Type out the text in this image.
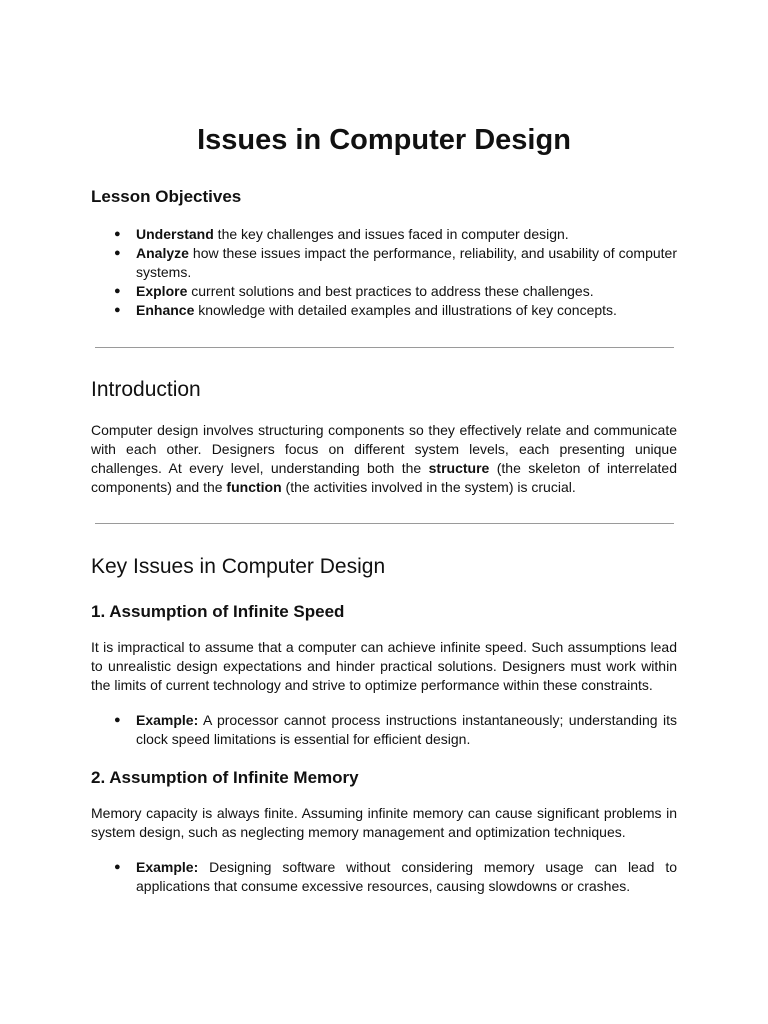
Issues in Computer Design
Lesson Objectives
● Understand the key challenges and issues faced in computer design.
● Analyze how these issues impact the performance, reliability, and usability of computer systems.
● Explore current solutions and best practices to address these challenges.
● Enhance knowledge with detailed examples and illustrations of key concepts.
Introduction

Computer design involves structuring components so they effectively relate and communicate with each other. Designers focus on different system levels, each presenting unique challenges. At every level, understanding both the structure (the skeleton of interrelated components) and the function (the activities involved in the system) is crucial.

Key Issues in Computer Design
1. Assumption of Infinite Speed

It is impractical to assume that a computer can achieve infinite speed. Such assumptions lead to unrealistic design expectations and hinder practical solutions. Designers must work within the limits of current technology and strive to optimize performance within these constraints.

● Example: A processor cannot process instructions instantaneously; understanding its clock speed limitations is essential for efficient design.
2. Assumption of Infinite Memory

Memory capacity is always finite. Assuming infinite memory can cause significant problems in system design, such as neglecting memory management and optimization techniques.

● Example: Designing software without considering memory usage can lead to applications that consume excessive resources, causing slowdowns or crashes.
